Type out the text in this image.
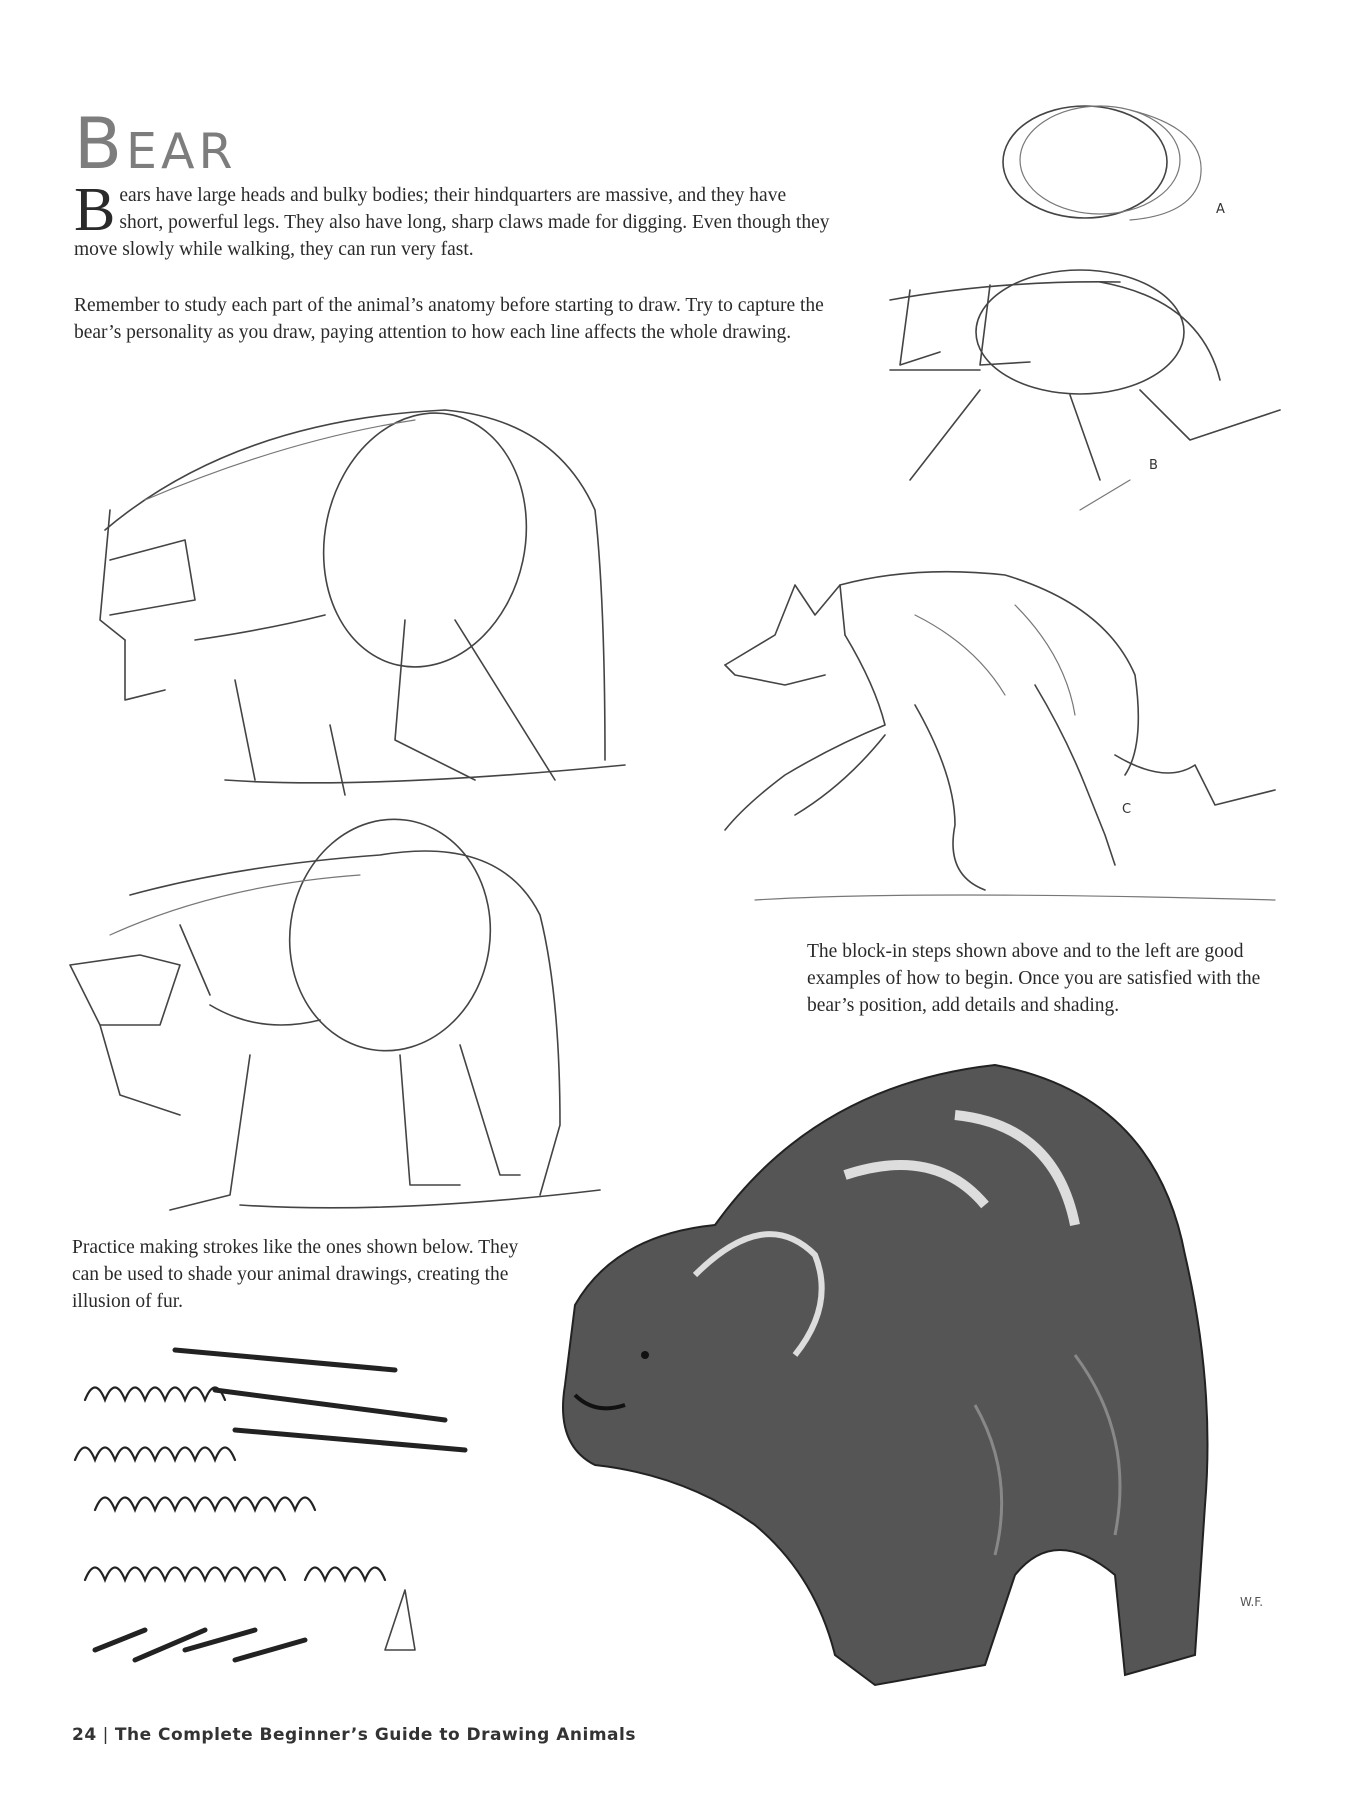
Bear

B ears have large heads and bulky bodies; their hindquarters are massive, and they have short, powerful legs. They also have long, sharp claws made for digging. Even though they move slowly while walking, they can run very fast.

Remember to study each part of the animal’s anatomy before starting to draw. Try to capture the bear’s personality as you draw, paying attention to how each line affects the whole drawing.

A
B
C

The block-in steps shown above and to the left are good examples of how to begin. Once you are satisfied with the bear’s position, add details and shading.

Practice making strokes like the ones shown below. They can be used to shade your animal drawings, creating the illusion of fur.

W.F.
24 | The Complete Beginner’s Guide to Drawing Animals
